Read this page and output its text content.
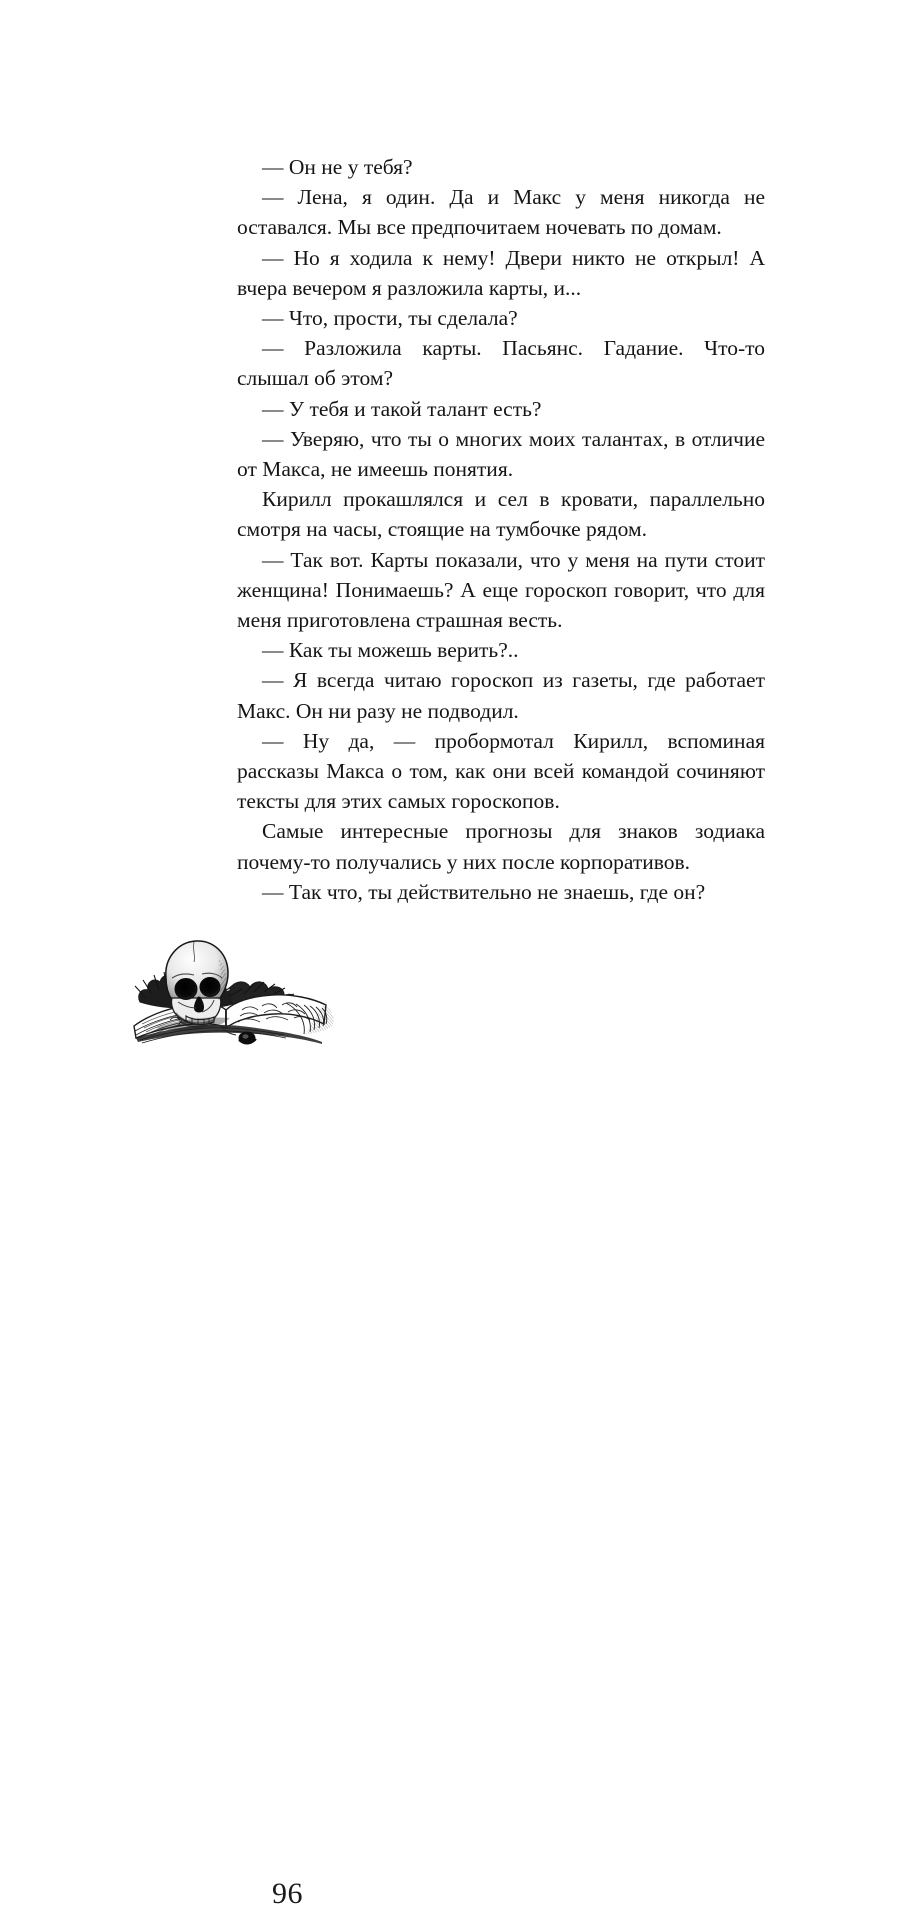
— Он не у тебя?

— Лена, я один. Да и Макс у меня никогда не оставался. Мы все предпочитаем ночевать по домам.

— Но я ходила к нему! Двери никто не открыл! А вчера вечером я разложила карты, и...

— Что, прости, ты сделала?

— Разложила карты. Пасьянс. Гадание. Что-то слышал об этом?

— У тебя и такой талант есть?

— Уверяю, что ты о многих моих талантах, в отличие от Макса, не имеешь понятия.

Кирилл прокашлялся и сел в кровати, параллельно смотря на часы, стоящие на тумбочке рядом.

— Так вот. Карты показали, что у меня на пути стоит женщина! Понимаешь? А еще гороскоп говорит, что для меня приготовлена страшная весть.

— Как ты можешь верить?..

— Я всегда читаю гороскоп из газеты, где работает Макс. Он ни разу не подводил.

— Ну да, — пробормотал Кирилл, вспоминая рассказы Макса о том, как они всей командой сочиняют тексты для этих самых гороскопов.

Самые интересные прогнозы для знаков зодиака почему-то получались у них после корпоративов.

— Так что, ты действительно не знаешь, где он?

96
